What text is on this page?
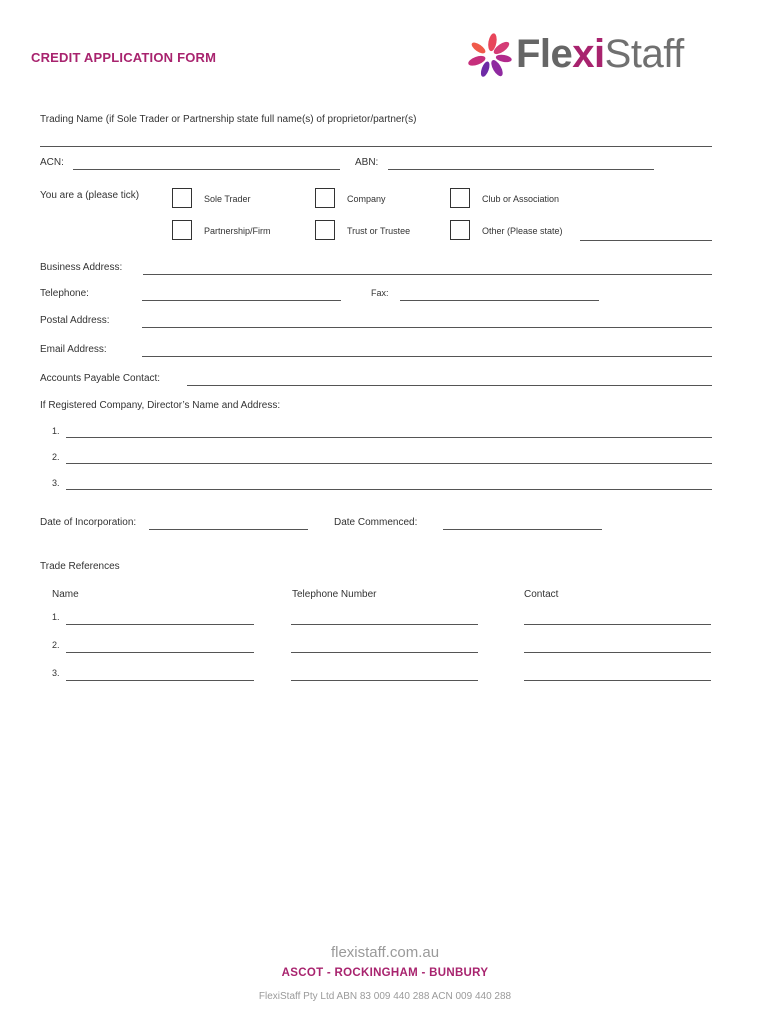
CREDIT APPLICATION FORM	FlexiStaff
Trading Name (if Sole Trader or Partnership state full name(s) of proprietor/partner(s)
ACN:	ABN:
You are a (please tick)	Sole Trader	Company	Club or Association
Partnership/Firm	Trust or Trustee	Other (Please state)
Business Address:
Telephone:	Fax:
Postal Address:
Email Address:
Accounts Payable Contact:
If Registered Company, Director’s Name and Address:
1.
2.
3.
Date of Incorporation:	Date Commenced:
Trade References
Name	Telephone Number	Contact
1.
2.
3.
flexistaff.com.au
ASCOT - ROCKINGHAM - BUNBURY
FlexiStaff Pty Ltd ABN 83 009 440 288 ACN 009 440 288
